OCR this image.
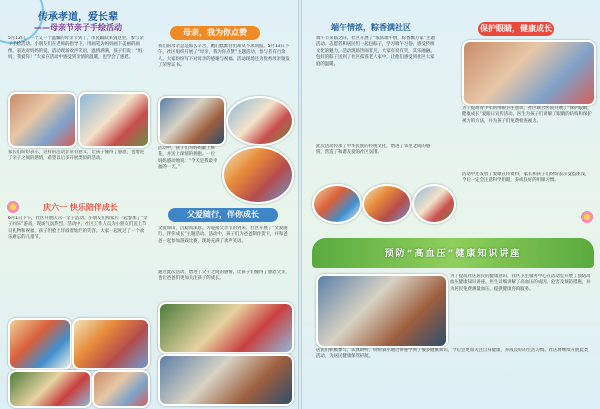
传承孝道，爱长辈
——母亲节亲子手绘活动
5月12日，一个又一个温馨的母亲节到了，市民踊跃来到这里，参与亲子手绘活动。小朋友们在老师的指导下，用画笔为妈妈画下美丽的画像，表达对妈妈的爱。活动现场欢声笑语，温情满满，孩子们说：“妈妈，我爱你！”大家在活动中感受到亲情的温暖，也学会了感恩。
家长们纷纷表示，这样的活动非常有意义，让孩子懂得了感恩，也增进了亲子之间的感情，希望以后多开展类似的活动。
庆六一 快乐陪伴成长
6月1日下午，社区开展庆六一亲子活动。小朋友们和家长一起参加了“亲子同乐”游戏，现场气氛热烈。活动中，社区工作人员为小朋友们送上节日礼物和祝福，孩子们脸上洋溢着灿烂的笑容。大家一起度过了一个欢乐难忘的儿童节。
母亲，我为你点赞
我们的母亲总是那么辛苦，她们默默付出却从不求回报。5月13日下午，社区组织开展了“母亲，我为你点赞”主题活动，参与者有百余人。大家纷纷写下对母亲的感谢与祝福。活动现场还为优秀母亲颁发了荣誉证书。
活动中，孩子们为妈妈献上鲜花，并送上深情的拥抱。一位妈妈感动地说：“今天是我最幸福的一天。”
父爱随行，伴你成长
父爱如山，沉稳而深厚。为迎接父亲节的到来，社区开展了“父爱随行，伴你成长”主题活动。活动中，孩子们为爸爸制作贺卡，并和爸爸一起参加游戏比赛，现场充满了欢声笑语。
通过此次活动，增进了父子之间的感情，让孩子们懂得了感恩父亲，也让爸爸们更加关注孩子的成长。
端午情浓，粽香满社区
端午节来临之际，社区开展了“浓浓端午情，粽香飘万家”主题活动。志愿者和居民们一起包粽子，学习端午习俗，感受传统文化的魅力。活动现场热闹非凡，大家有说有笑，其乐融融。包好的粽子送到了社区孤寡老人家中，让他们感受到社区大家庭的温暖。
此次活动传承了中华民族的传统文化，增进了邻里之间的感情，营造了和谐友爱的社区氛围。
保护眼睛，健康成长
为了提高青少年的用眼卫生意识，社区联合医院开展了“保护眼睛，健康成长”爱眼日宣传活动。医生为孩子们讲解了眼睛的结构和保护视力的方法，并为孩子们免费检查视力。
活动中还发放了爱眼宣传资料，家长和孩子们纷纷表示受益匪浅，今后一定会注意科学用眼，养成良好的用眼习惯。
预防“高血压”健康知识讲座
为了提高社区居民的健康意识，社区卫生服务中心在活动室开展了预防高血压健康知识讲座。医生详细讲解了高血压的成因、危害及预防措施，并为居民免费测量血压，提供健康咨询服务。
居民们积极参与，认真聆听，纷纷表示通过讲座学到了很多健康知识，今后会更加关注自身健康，养成良好的生活习惯。社区将继续开展此类活动，为居民健康保驾护航。
